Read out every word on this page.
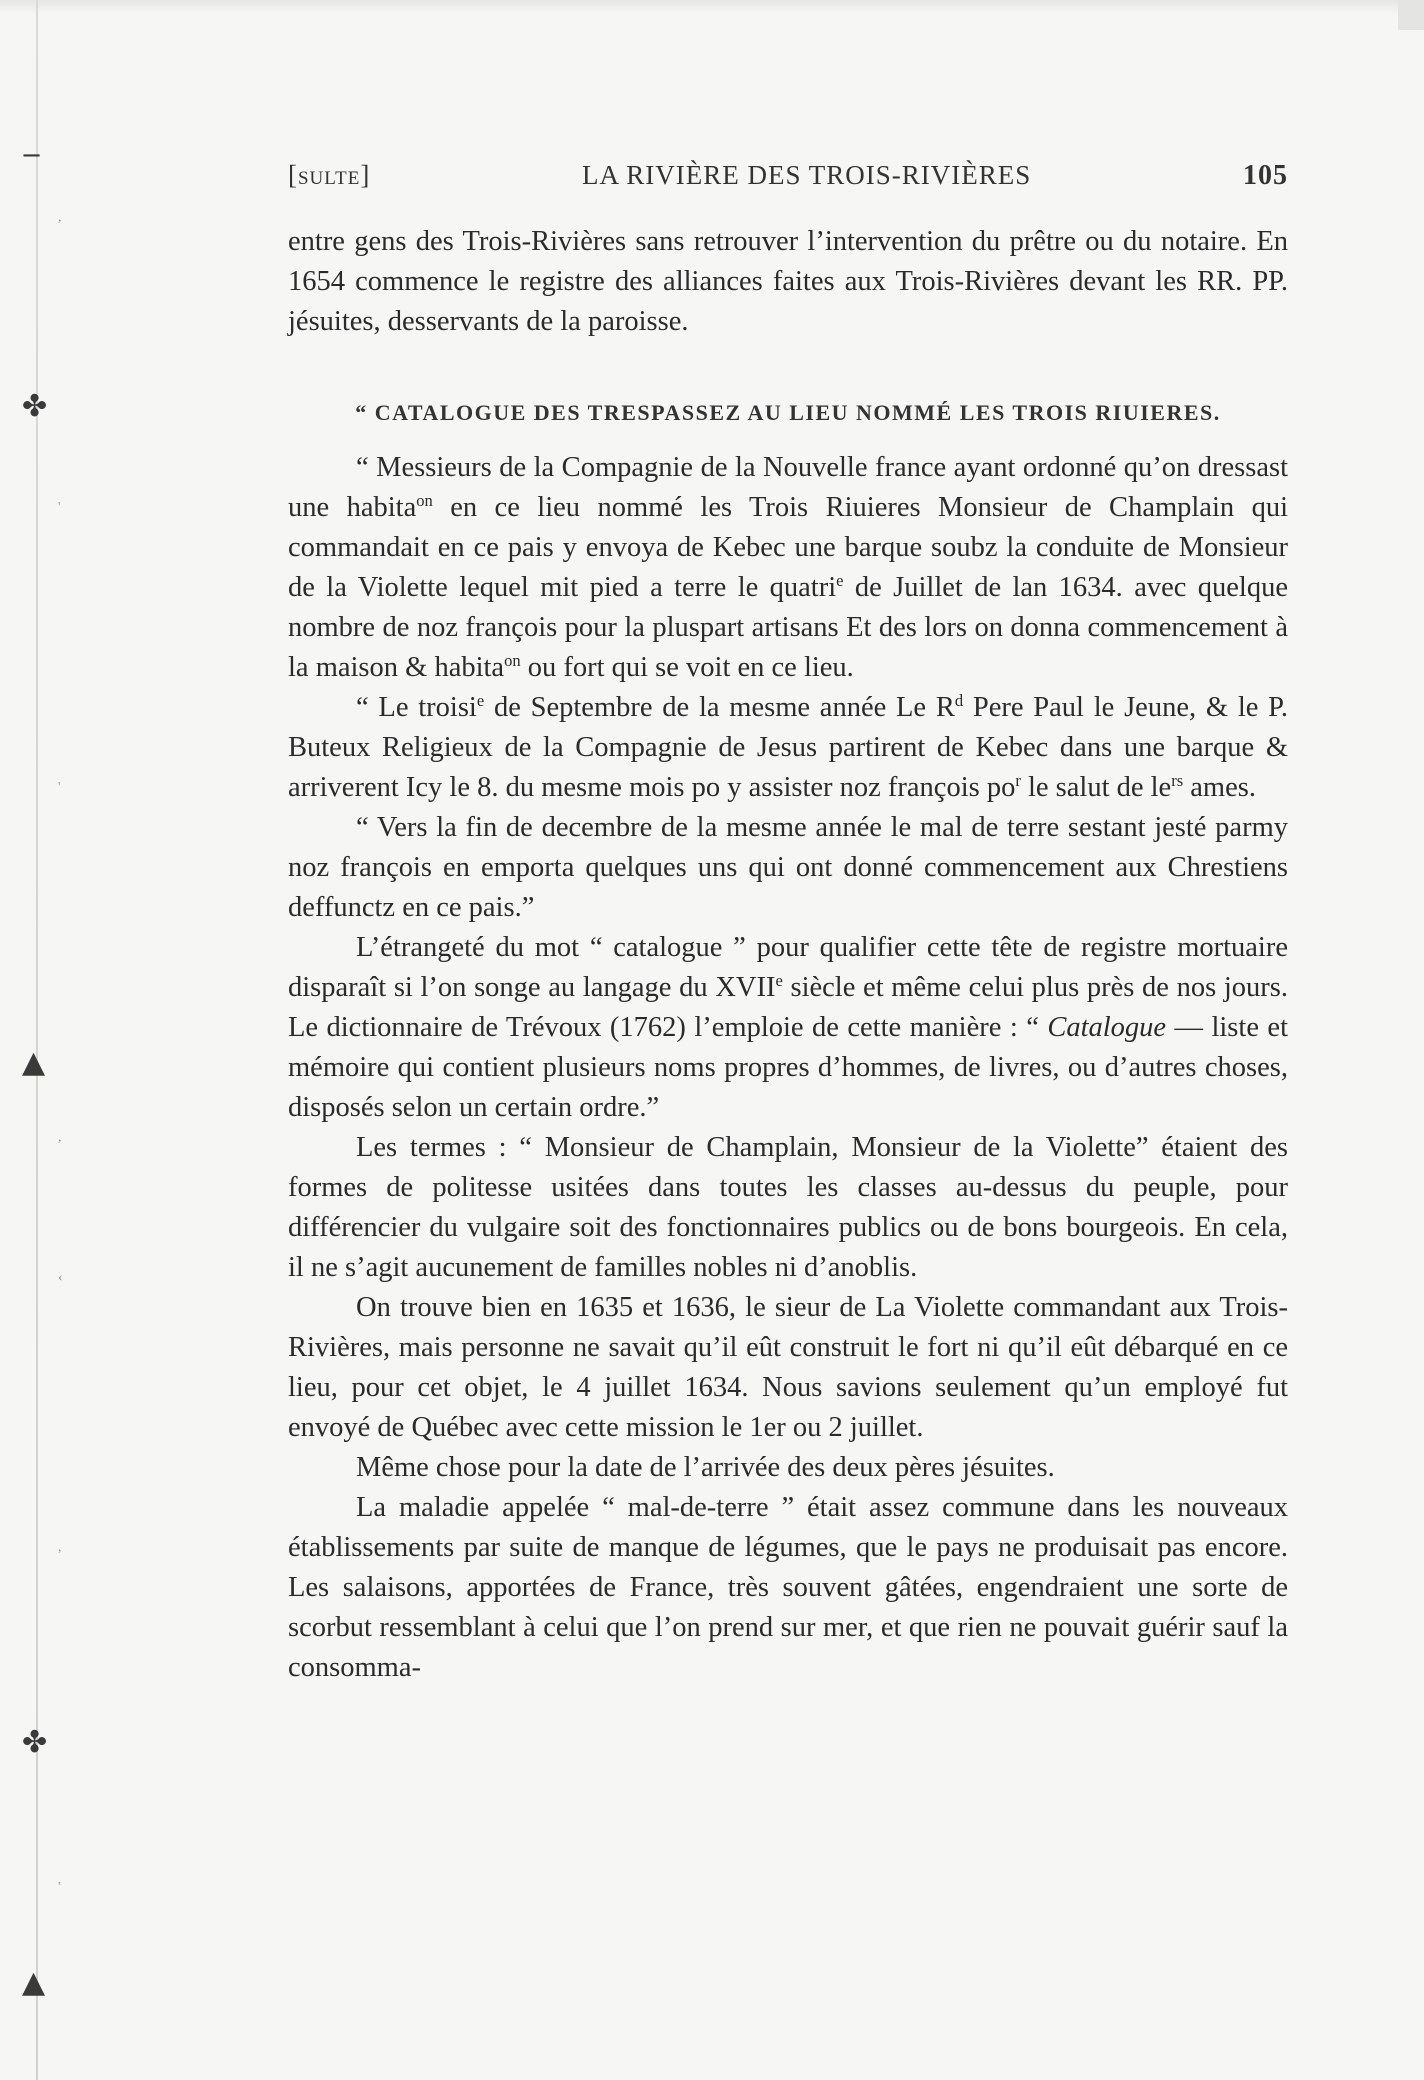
‒
✤
▲
✤
▲
,
'
'
,
‹
,
'
[sulte]	LA RIVIÈRE DES TROIS-RIVIÈRES	105

entre gens des Trois-Rivières sans retrouver l’intervention du prêtre ou du notaire. En 1654 commence le registre des alliances faites aux Trois-Rivières devant les RR. PP. jésuites, desservants de la paroisse.

“ CATALOGUE DES TRESPASSEZ AU LIEU NOMMÉ LES TROIS RIUIERES.

“ Messieurs de la Compagnie de la Nouvelle france ayant ordonné qu’on dressast une habita$^{on}$ en ce lieu nommé les Trois Riuieres Monsieur de Champlain qui commandait en ce pais y envoya de Kebec une barque soubz la conduite de Monsieur de la Violette lequel mit pied a terre le quatri$^e$ de Juillet de lan 1634. avec quelque nombre de noz françois pour la pluspart artisans Et des lors on donna commencement à la maison & habita$^{on}$ ou fort qui se voit en ce lieu.

“ Le troisi$^e$ de Septembre de la mesme année Le $R^d$ Pere Paul le Jeune, & le P. Buteux Religieux de la Compagnie de Jesus partirent de Kebec dans une barque & arriverent Icy le 8. du mesme mois po y assister noz françois $po^r$ le salut de $le^{rs}$ ames.

“ Vers la fin de decembre de la mesme année le mal de terre sestant jesté parmy noz françois en emporta quelques uns qui ont donné commencement aux Chrestiens deffunctz en ce pais.”

L’étrangeté du mot “ catalogue ” pour qualifier cette tête de registre mortuaire disparaît si l’on songe au langage du XVIIe siècle et même celui plus près de nos jours. Le dictionnaire de Trévoux (1762) l’emploie de cette manière : “ Catalogue — liste et mémoire qui contient plusieurs noms propres d’hommes, de livres, ou d’autres choses, disposés selon un certain ordre.”

Les termes : “ Monsieur de Champlain, Monsieur de la Violette” étaient des formes de politesse usitées dans toutes les classes au-dessus du peuple, pour différencier du vulgaire soit des fonctionnaires publics ou de bons bourgeois. En cela, il ne s’agit aucunement de familles nobles ni d’anoblis.

On trouve bien en 1635 et 1636, le sieur de La Violette commandant aux Trois-Rivières, mais personne ne savait qu’il eût construit le fort ni qu’il eût débarqué en ce lieu, pour cet objet, le 4 juillet 1634. Nous savions seulement qu’un employé fut envoyé de Québec avec cette mission le 1er ou 2 juillet.

Même chose pour la date de l’arrivée des deux pères jésuites.

La maladie appelée “ mal-de-terre ” était assez commune dans les nouveaux établissements par suite de manque de légumes, que le pays ne produisait pas encore. Les salaisons, apportées de France, très souvent gâtées, engendraient une sorte de scorbut ressemblant à celui que l’on prend sur mer, et que rien ne pouvait guérir sauf la consomma-
